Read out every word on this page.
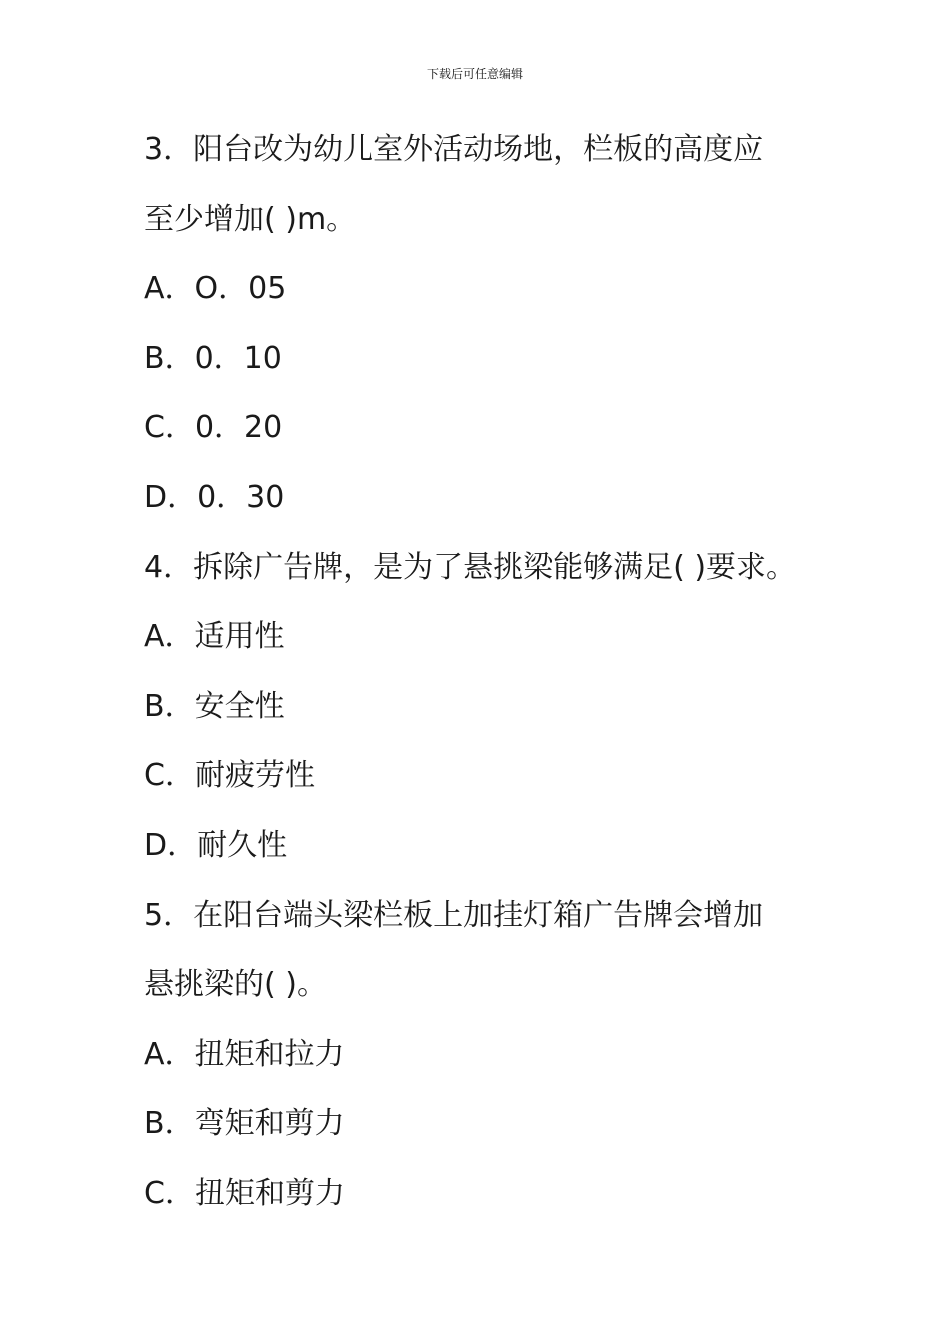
下载后可任意编辑
3．阳台改为幼儿室外活动场地，栏板的高度应
至少增加( )m。
A．O．05
B．0．10
C．0．20
D．0．30
4．拆除广告牌，是为了悬挑梁能够满足( )要求。
A．适用性
B．安全性
C．耐疲劳性
D．耐久性
5．在阳台端头梁栏板上加挂灯箱广告牌会增加
悬挑梁的( )。
A．扭矩和拉力
B．弯矩和剪力
C．扭矩和剪力
